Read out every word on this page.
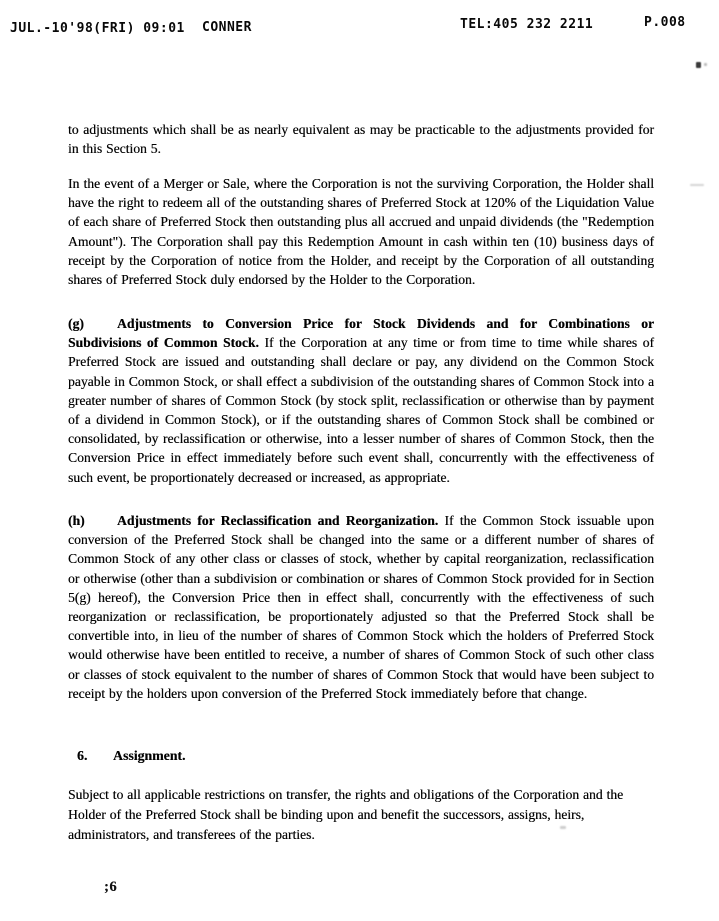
JUL.-10'98(FRI) 09:01 CONNER	TEL:405 232 2211	P.008

to adjustments which shall be as nearly equivalent as may be practicable to the adjustments provided for in this Section 5.

In the event of a Merger or Sale, where the Corporation is not the surviving Corporation, the Holder shall have the right to redeem all of the outstanding shares of Preferred Stock at 120% of the Liquidation Value of each share of Preferred Stock then outstanding plus all accrued and unpaid dividends (the "Redemption Amount"). The Corporation shall pay this Redemption Amount in cash within ten (10) business days of receipt by the Corporation of notice from the Holder, and receipt by the Corporation of all outstanding shares of Preferred Stock duly endorsed by the Holder to the Corporation.

(g) Adjustments to Conversion Price for Stock Dividends and for Combinations or Subdivisions of Common Stock. If the Corporation at any time or from time to time while shares of Preferred Stock are issued and outstanding shall declare or pay, any dividend on the Common Stock payable in Common Stock, or shall effect a subdivision of the outstanding shares of Common Stock into a greater number of shares of Common Stock (by stock split, reclassification or otherwise than by payment of a dividend in Common Stock), or if the outstanding shares of Common Stock shall be combined or consolidated, by reclassification or otherwise, into a lesser number of shares of Common Stock, then the Conversion Price in effect immediately before such event shall, concurrently with the effectiveness of such event, be proportionately decreased or increased, as appropriate.

(h) Adjustments for Reclassification and Reorganization. If the Common Stock issuable upon conversion of the Preferred Stock shall be changed into the same or a different number of shares of Common Stock of any other class or classes of stock, whether by capital reorganization, reclassification or otherwise (other than a subdivision or combination or shares of Common Stock provided for in Section 5(g) hereof), the Conversion Price then in effect shall, concurrently with the effectiveness of such reorganization or reclassification, be proportionately adjusted so that the Preferred Stock shall be convertible into, in lieu of the number of shares of Common Stock which the holders of Preferred Stock would otherwise have been entitled to receive, a number of shares of Common Stock of such other class or classes of stock equivalent to the number of shares of Common Stock that would have been subject to receipt by the holders upon conversion of the Preferred Stock immediately before that change.

6. Assignment.

Subject to all applicable restrictions on transfer, the rights and obligations of the Corporation and the Holder of the Preferred Stock shall be binding upon and benefit the successors, assigns, heirs, administrators, and transferees of the parties.

;6
